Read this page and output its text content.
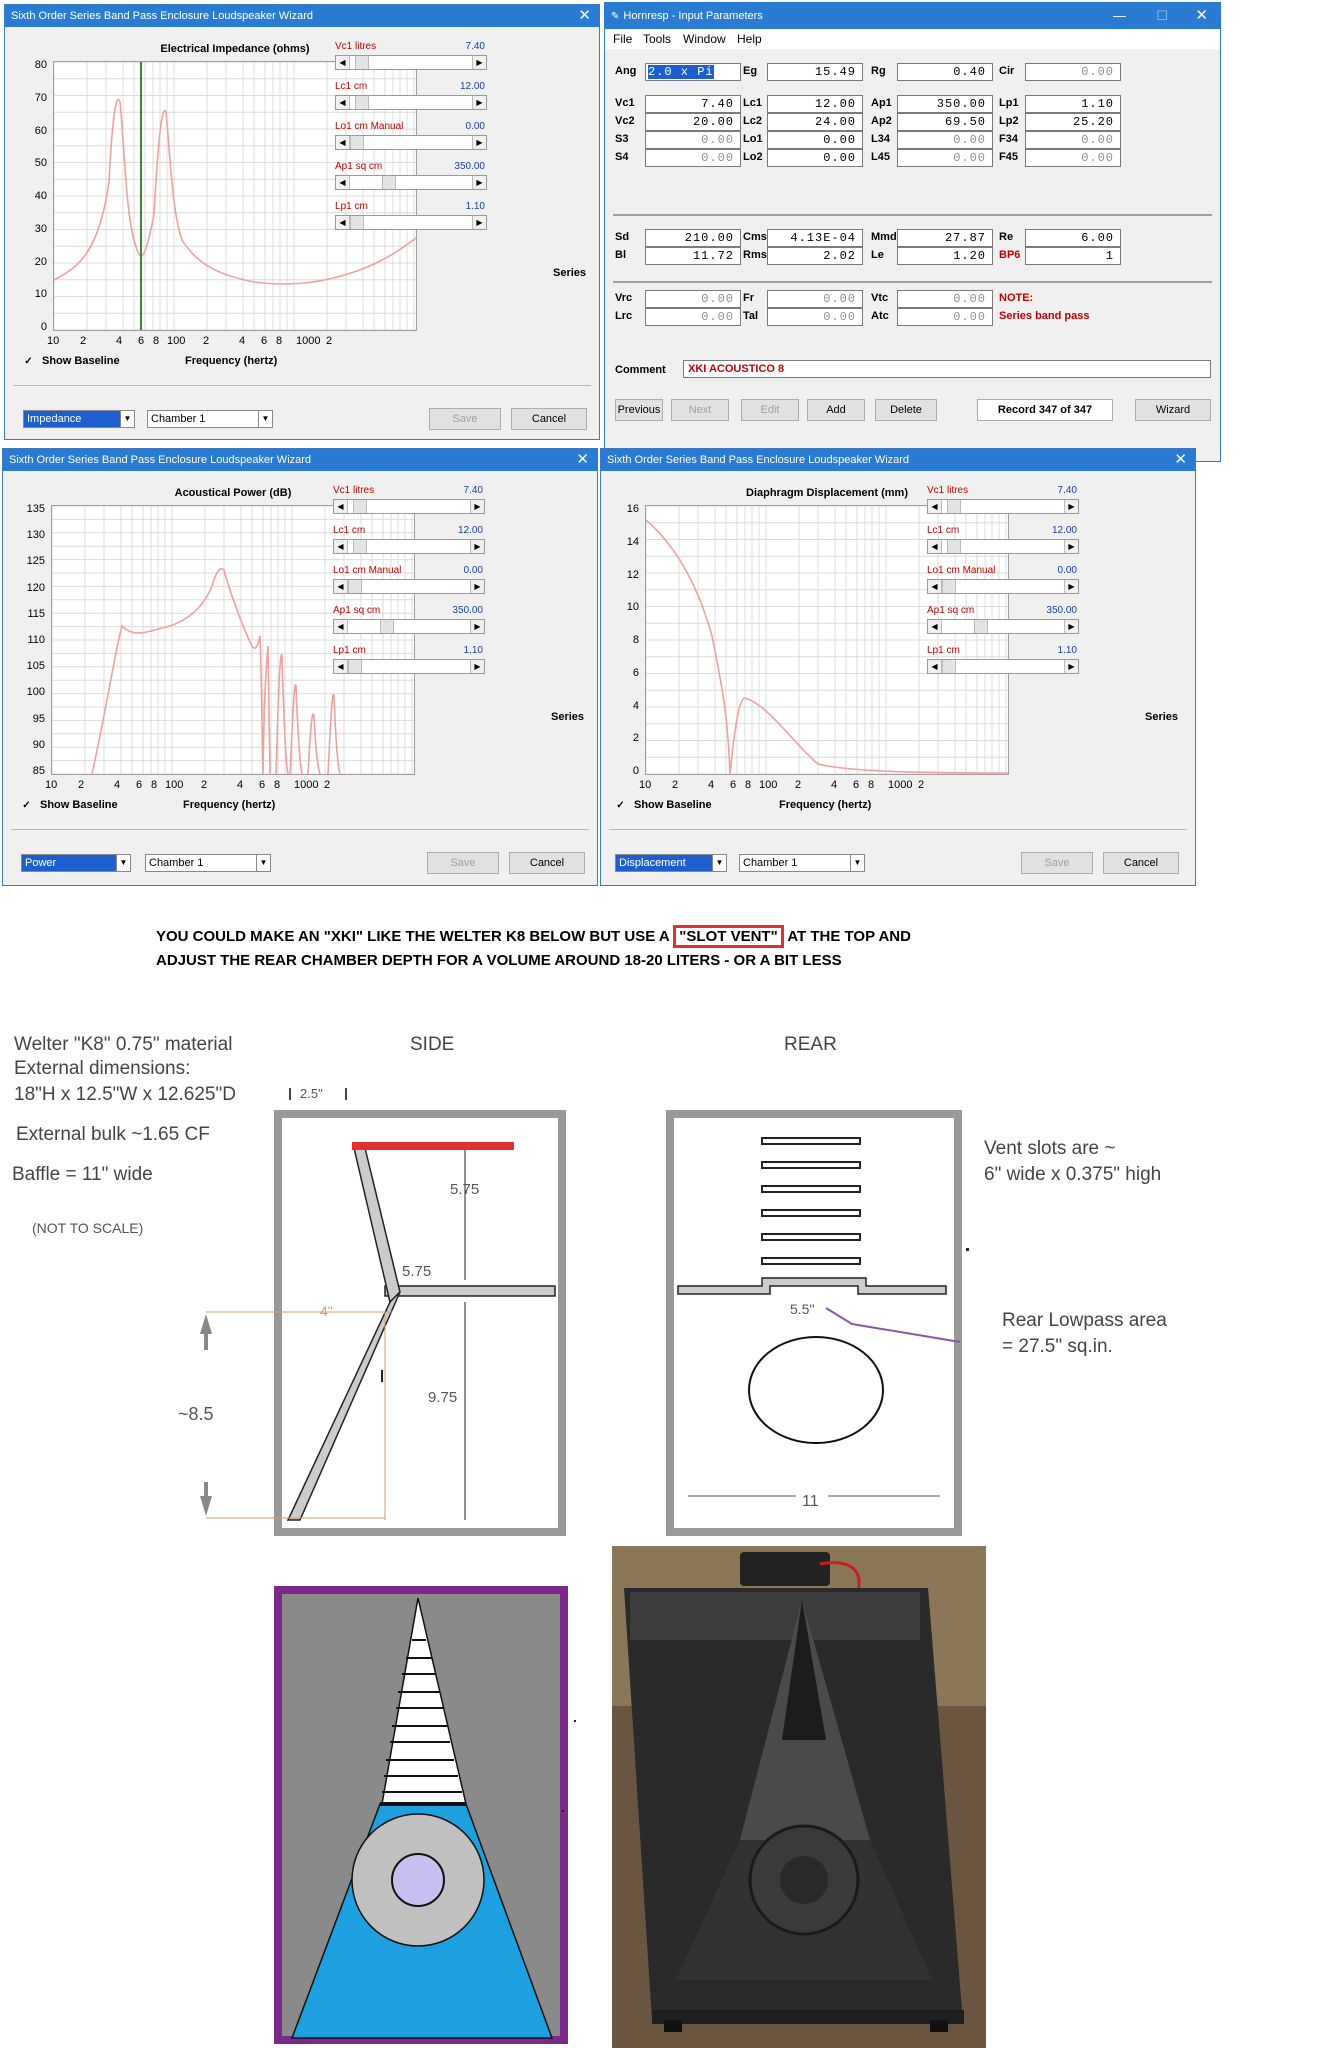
Sixth Order Series Band Pass Enclosure Loudspeaker Wizard	✕
Electrical Impedance (ohms)
80
70
60
50
40
30
20
10
0
10 2	4 6 8 100 2	4 6 8 1000 2
✓ Show Baseline	Frequency (hertz)
Series
Vc1 litres	7.40
◀	▶
Lc1 cm	12.00
◀	▶
Lo1 cm Manual	0.00
◀	▶
Ap1 sq cm	350.00
◀	▶
Lp1 cm	1.10
◀	▶
Impedance	▼	Chamber 1	▼	Save	Cancel
✎ Hornresp - Input Parameters	— ☐ ✕
File Tools Window Help
Ang 2.0 x Pi	Eg	15.49	Rg	0.40	Cir	0.00
Vc1	7.40 Lc1	12.00	Ap1	350.00	Lp1	1.10
Vc2	20.00 Lc2	24.00	Ap2	69.50	Lp2	25.20
S3	0.00 Lo1	0.00	L34	0.00	F34	0.00
S4	0.00 Lo2	0.00	L45	0.00	F45	0.00
Sd	210.00 Cms	4.13E-04	Mmd	27.87	Re	6.00
Bl	11.72 Rms	2.02	Le	1.20	BP6	1
Vrc	0.00 Fr	0.00	Vtc	0.00	NOTE:
Lrc	0.00 Tal	0.00	Atc	0.00	Series band pass
Comment	XKI ACOUSTICO 8
Previous	Next	Edit	Add	Delete	Record 347 of 347	Wizard
Sixth Order Series Band Pass Enclosure Loudspeaker Wizard	✕
Acoustical Power (dB)
135
130
125
120
115
110
105
100
95
90
85
10 2	4 6 8 100 2	4 6 8 1000 2
✓ Show Baseline	Frequency (hertz)
Series
Vc1 litres	7.40
◀	▶
Lc1 cm	12.00
◀	▶
Lo1 cm Manual	0.00
◀	▶
Ap1 sq cm	350.00
◀	▶
Lp1 cm	1.10
◀	▶
Power	▼	Chamber 1	▼	Save	Cancel
Sixth Order Series Band Pass Enclosure Loudspeaker Wizard	✕
Diaphragm Displacement (mm)
16
14
12
10
8
6
4
2
0
10 2	4 6 8 100 2	4 6 8 1000 2
✓ Show Baseline	Frequency (hertz)
Series
Vc1 litres	7.40
◀	▶
Lc1 cm	12.00
◀	▶
Lo1 cm Manual	0.00
◀	▶
Ap1 sq cm	350.00
◀	▶
Lp1 cm	1.10
◀	▶
Displacement	▼	Chamber 1	▼	Save	Cancel
YOU COULD MAKE AN "XKI" LIKE THE WELTER K8 BELOW BUT USE A "SLOT VENT" AT THE TOP AND
ADJUST THE REAR CHAMBER DEPTH FOR A VOLUME AROUND 18-20 LITERS - OR A BIT LESS
Welter "K8" 0.75" material
External dimensions:
18"H x 12.5"W x 12.625"D
External bulk ~1.65 CF
Baffle = 11" wide
(NOT TO SCALE)
SIDE	REAR
Vent slots are ~
6" wide x 0.375" high
Rear Lowpass area
= 27.5" sq.in.
2.5"
5.75
5.75
4"
9.75
~8.5
5.5"
11
